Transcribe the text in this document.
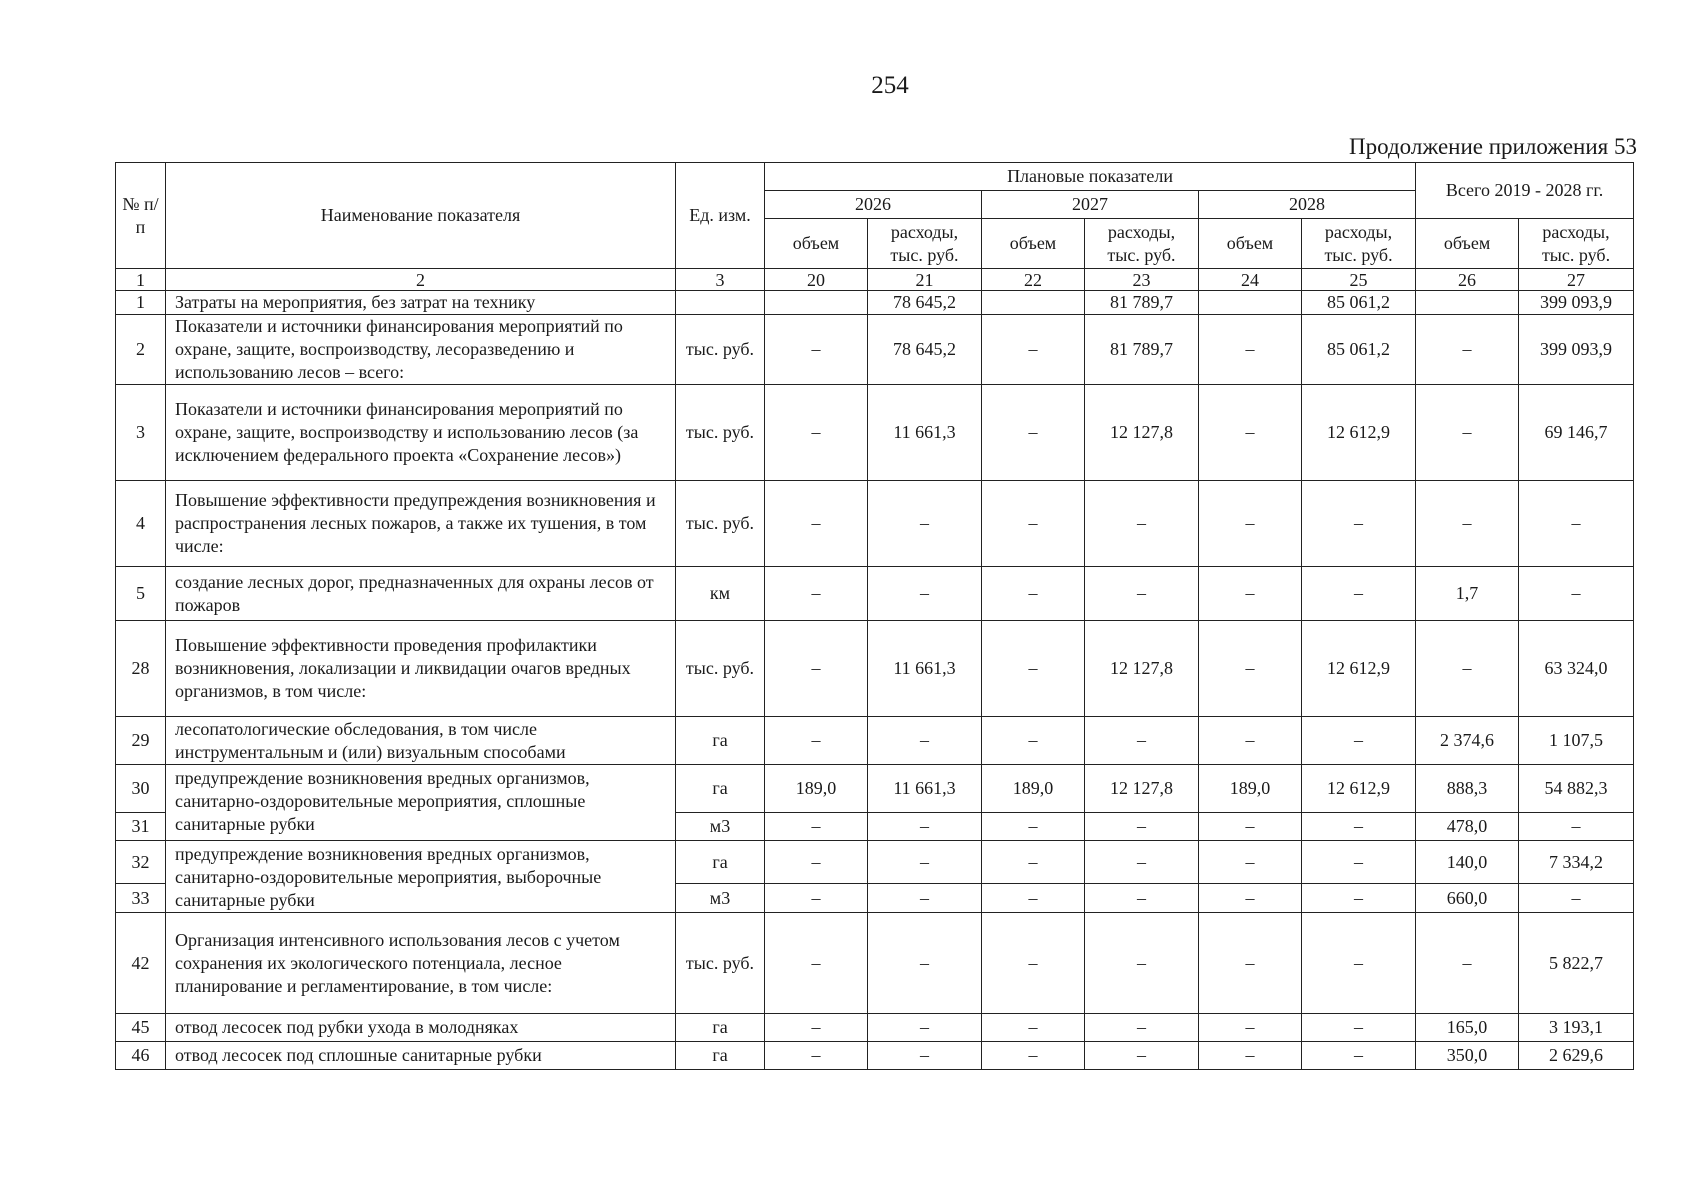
254
Продолжение приложения 53
№ п/п	Наименование показателя	Ед. изм.	Плановые показатели						Всего 2019 - 2028 гг.	
			2026		2027		2028			
			объем	расходы, тыс. руб.	объем	расходы, тыс. руб.	объем	расходы, тыс. руб.	объем	расходы, тыс. руб.
1	2	3	20	21	22	23	24	25	26	27
1	Затраты на мероприятия, без затрат на технику			78 645,2		81 789,7		85 061,2		399 093,9
2	Показатели и источники финансирования мероприятий по охране, защите, воспроизводству, лесоразведению и использованию лесов – всего:	тыс. руб.	–	78 645,2	–	81 789,7	–	85 061,2	–	399 093,9
3	Показатели и источники финансирования мероприятий по охране, защите, воспроизводству и использованию лесов (за исключением федерального проекта «Сохранение лесов»)	тыс. руб.	–	11 661,3	–	12 127,8	–	12 612,9	–	69 146,7
4	Повышение эффективности предупреждения возникновения и распространения лесных пожаров, а также их тушения, в том числе:	тыс. руб.	–	–	–	–	–	–	–	–
5	создание лесных дорог, предназначенных для охраны лесов от пожаров	км	–	–	–	–	–	–	1,7	–
28	Повышение эффективности проведения профилактики возникновения, локализации и ликвидации очагов вредных организмов, в том числе:	тыс. руб.	–	11 661,3	–	12 127,8	–	12 612,9	–	63 324,0
29	лесопатологические обследования, в том числе инструментальным и (или) визуальным способами	га	–	–	–	–	–	–	2 374,6	1 107,5
30	предупреждение возникновения вредных организмов, санитарно-оздоровительные мероприятия, сплошные санитарные рубки	га	189,0	11 661,3	189,0	12 127,8	189,0	12 612,9	888,3	54 882,3
31		м3	–	–	–	–	–	–	478,0	–
32	предупреждение возникновения вредных организмов, санитарно-оздоровительные мероприятия, выборочные санитарные рубки	га	–	–	–	–	–	–	140,0	7 334,2
33		м3	–	–	–	–	–	–	660,0	–
42	Организация интенсивного использования лесов с учетом сохранения их экологического потенциала, лесное планирование и регламентирование, в том числе:	тыс. руб.	–	–	–	–	–	–	–	5 822,7
45	отвод лесосек под рубки ухода в молодняках	га	–	–	–	–	–	–	165,0	3 193,1
46	отвод лесосек под сплошные санитарные рубки	га	–	–	–	–	–	–	350,0	2 629,6
